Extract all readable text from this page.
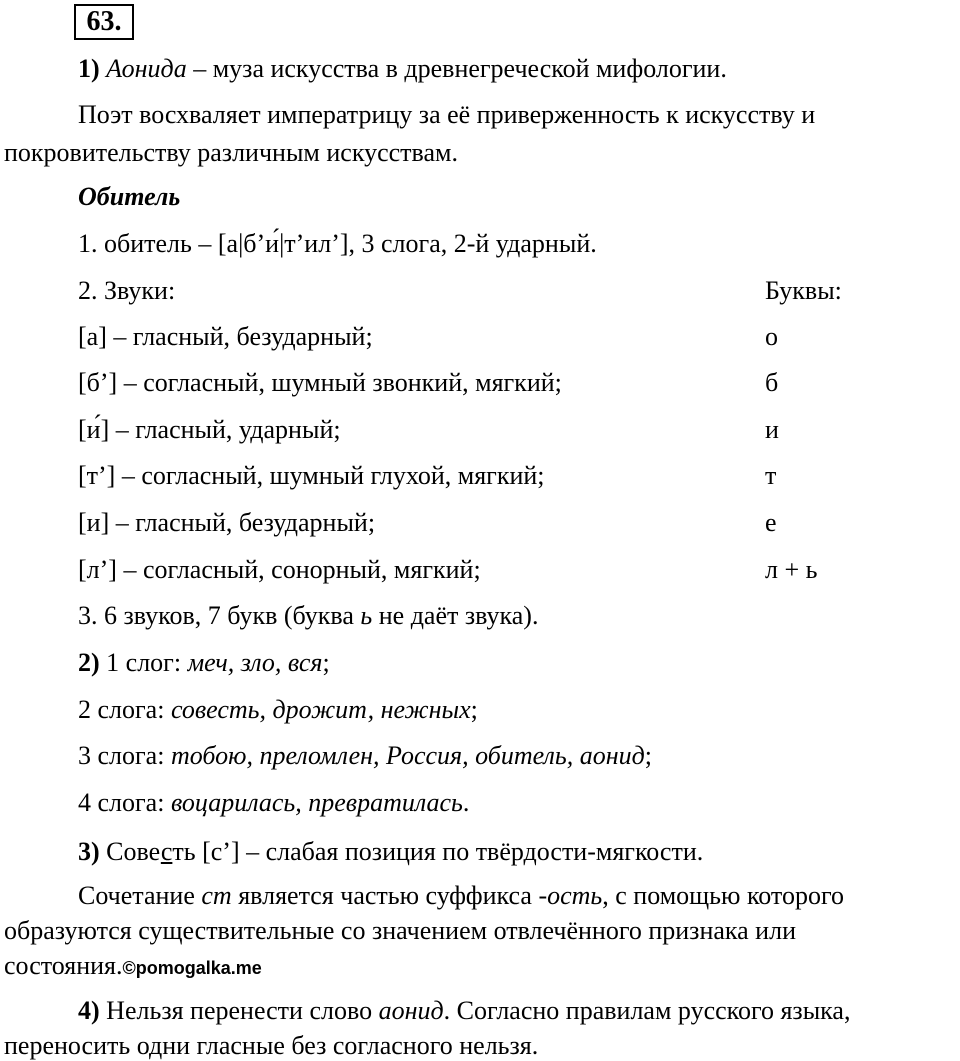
63.
1) Аонида – муза искусства в древнегреческой мифологии.
Поэт восхваляет императрицу за её приверженность к искусству и
покровительству различным искусствам.
Обитель
1. обитель – [а|б’и́|т’ил’], 3 слога, 2-й ударный.
2. Звуки:	Буквы:
[а] – гласный, безударный;	о
[б’] – согласный, шумный звонкий, мягкий;	б
[и́] – гласный, ударный;	и
[т’] – согласный, шумный глухой, мягкий;	т
[и] – гласный, безударный;	е
[л’] – согласный, сонорный, мягкий;	л + ь
3. 6 звуков, 7 букв (буква ь не даёт звука).
2) 1 слог: меч, зло, вся;
2 слога: совесть, дрожит, нежных;
3 слога: тобою, преломлен, Россия, обитель, аонид;
4 слога: воцарилась, превратилась.
3) Совесть [с’] – слабая позиция по твёрдости-мягкости.
Сочетание ст является частью суффикса -ость, с помощью которого
образуются существительные со значением отвлечённого признака или
состояния.©pomogalka.me
4) Нельзя перенести слово аонид. Согласно правилам русского языка,
переносить одни гласные без согласного нельзя.
